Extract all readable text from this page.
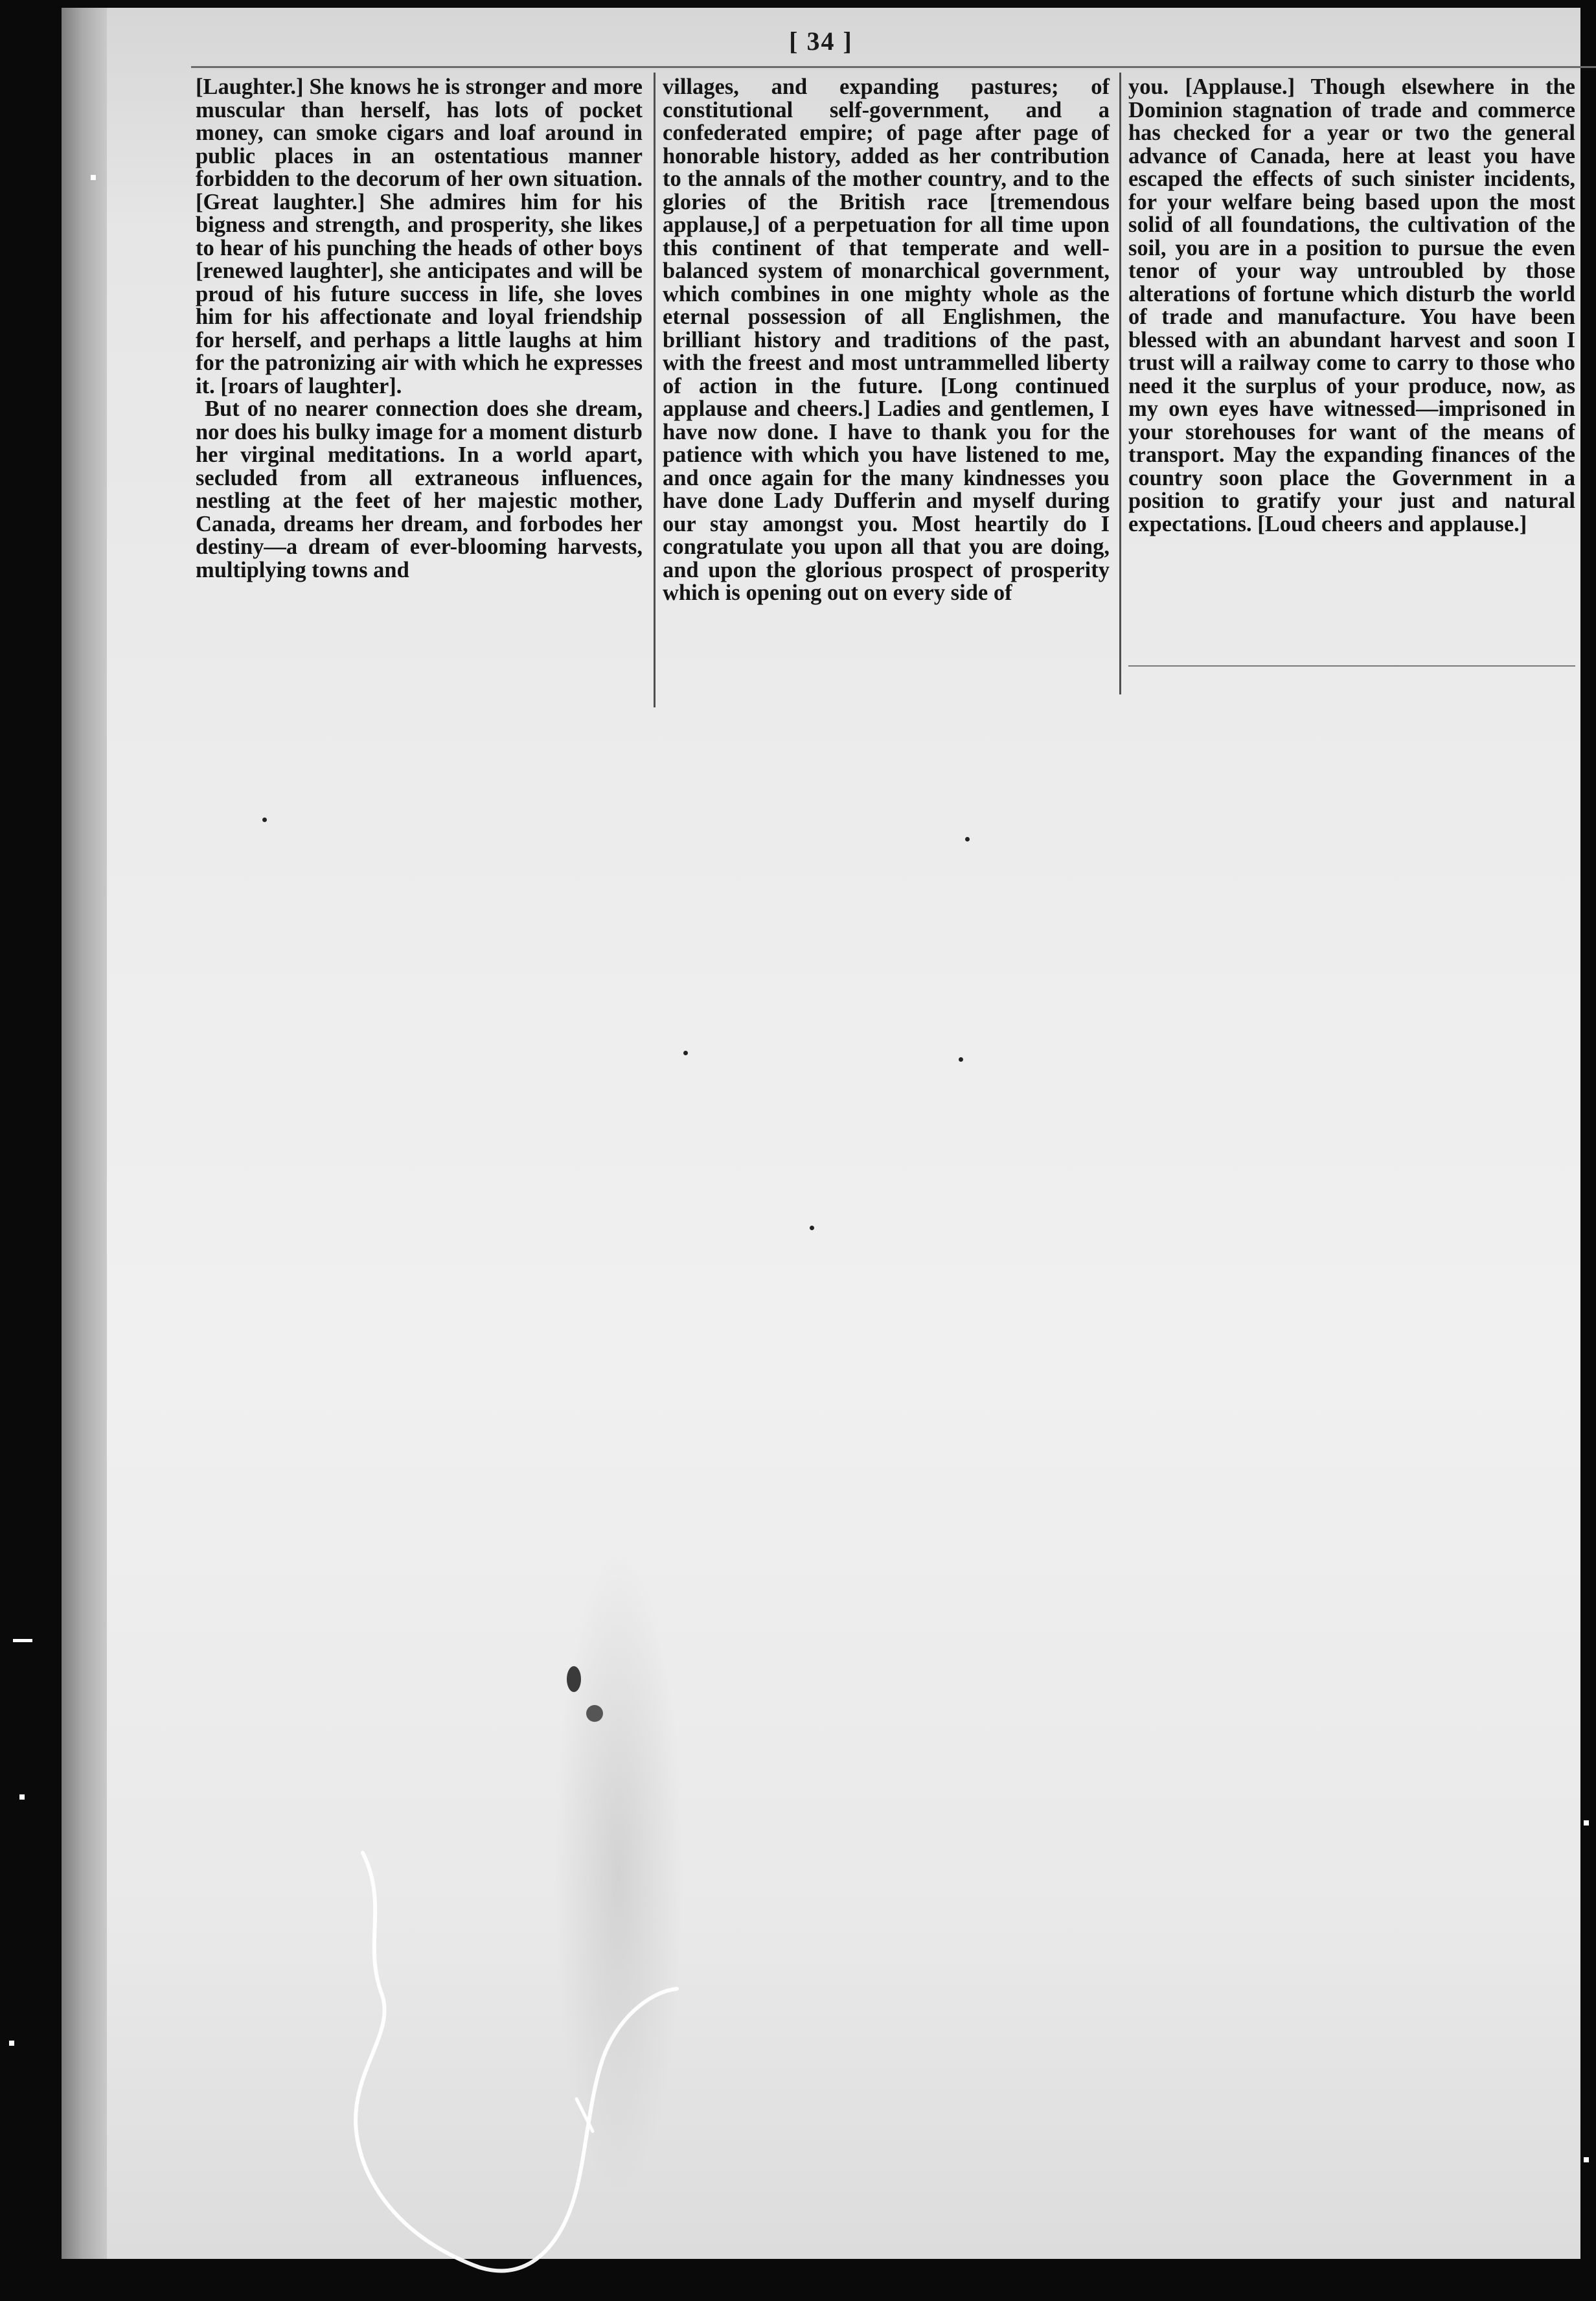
[ 34 ]

[Laughter.] She knows he is stronger and more muscular than herself, has lots of pocket money, can smoke cigars and loaf around in public places in an ostentatious manner forbidden to the decorum of her own situation. [Great laughter.] She admires him for his bigness and strength, and prosperity, she likes to hear of his punching the heads of other boys [renewed laughter], she anticipates and will be proud of his future success in life, she loves him for his affectionate and loyal friendship for herself, and perhaps a little laughs at him for the patronizing air with which he expresses it. [roars of laughter].

But of no nearer connection does she dream, nor does his bulky image for a moment disturb her virginal meditations. In a world apart, secluded from all extraneous influences, nestling at the feet of her majestic mother, Canada, dreams her dream, and forbodes her destiny—a dream of ever-blooming harvests, multiplying towns and

villages, and expanding pastures; of constitutional self-government, and a confederated empire; of page after page of honorable history, added as her contribution to the annals of the mother country, and to the glories of the British race [tremendous applause,] of a perpetuation for all time upon this continent of that temperate and well-balanced system of monarchical government, which combines in one mighty whole as the eternal possession of all Englishmen, the brilliant history and traditions of the past, with the freest and most untrammelled liberty of action in the future. [Long continued applause and cheers.] Ladies and gentlemen, I have now done. I have to thank you for the patience with which you have listened to me, and once again for the many kindnesses you have done Lady Dufferin and myself during our stay amongst you. Most heartily do I congratulate you upon all that you are doing, and upon the glorious prospect of prosperity which is opening out on every side of

you. [Applause.] Though elsewhere in the Dominion stagnation of trade and commerce has checked for a year or two the general advance of Canada, here at least you have escaped the effects of such sinister incidents, for your welfare being based upon the most solid of all foundations, the cultivation of the soil, you are in a position to pursue the even tenor of your way untroubled by those alterations of fortune which disturb the world of trade and manufacture. You have been blessed with an abundant harvest and soon I trust will a railway come to carry to those who need it the surplus of your produce, now, as my own eyes have witnessed—imprisoned in your storehouses for want of the means of transport. May the expanding finances of the country soon place the Government in a position to gratify your just and natural expectations. [Loud cheers and applause.]
